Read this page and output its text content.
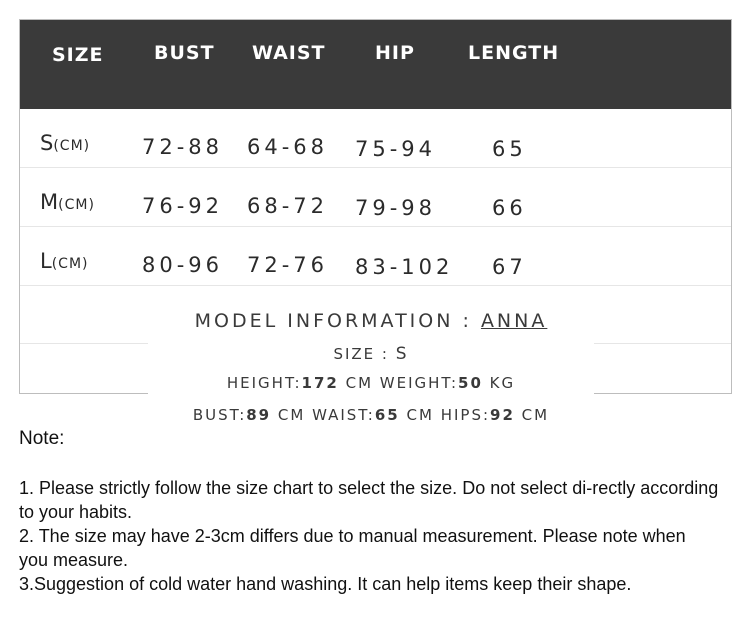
SIZE	BUST WAIST	HIP	LENGTH
S(CM) 72-88 64-68 75-94	65
M(CM) 76-92 68-72 79-98	66
L(CM)	80-96 72-76 83-102 67
MODEL INFORMATION : ANNA
SIZE : S
HEIGHT:172 CM WEIGHT:50 KG
BUST:89 CM WAIST:65 CM HIPS:92 CM
Note:

1. Please strictly follow the size chart to select the size. Do not select di-rectly according to your habits.

2. The size may have 2-3cm differs due to manual measurement. Please note when you measure.

3.Suggestion of cold water hand washing. It can help items keep their shape.
